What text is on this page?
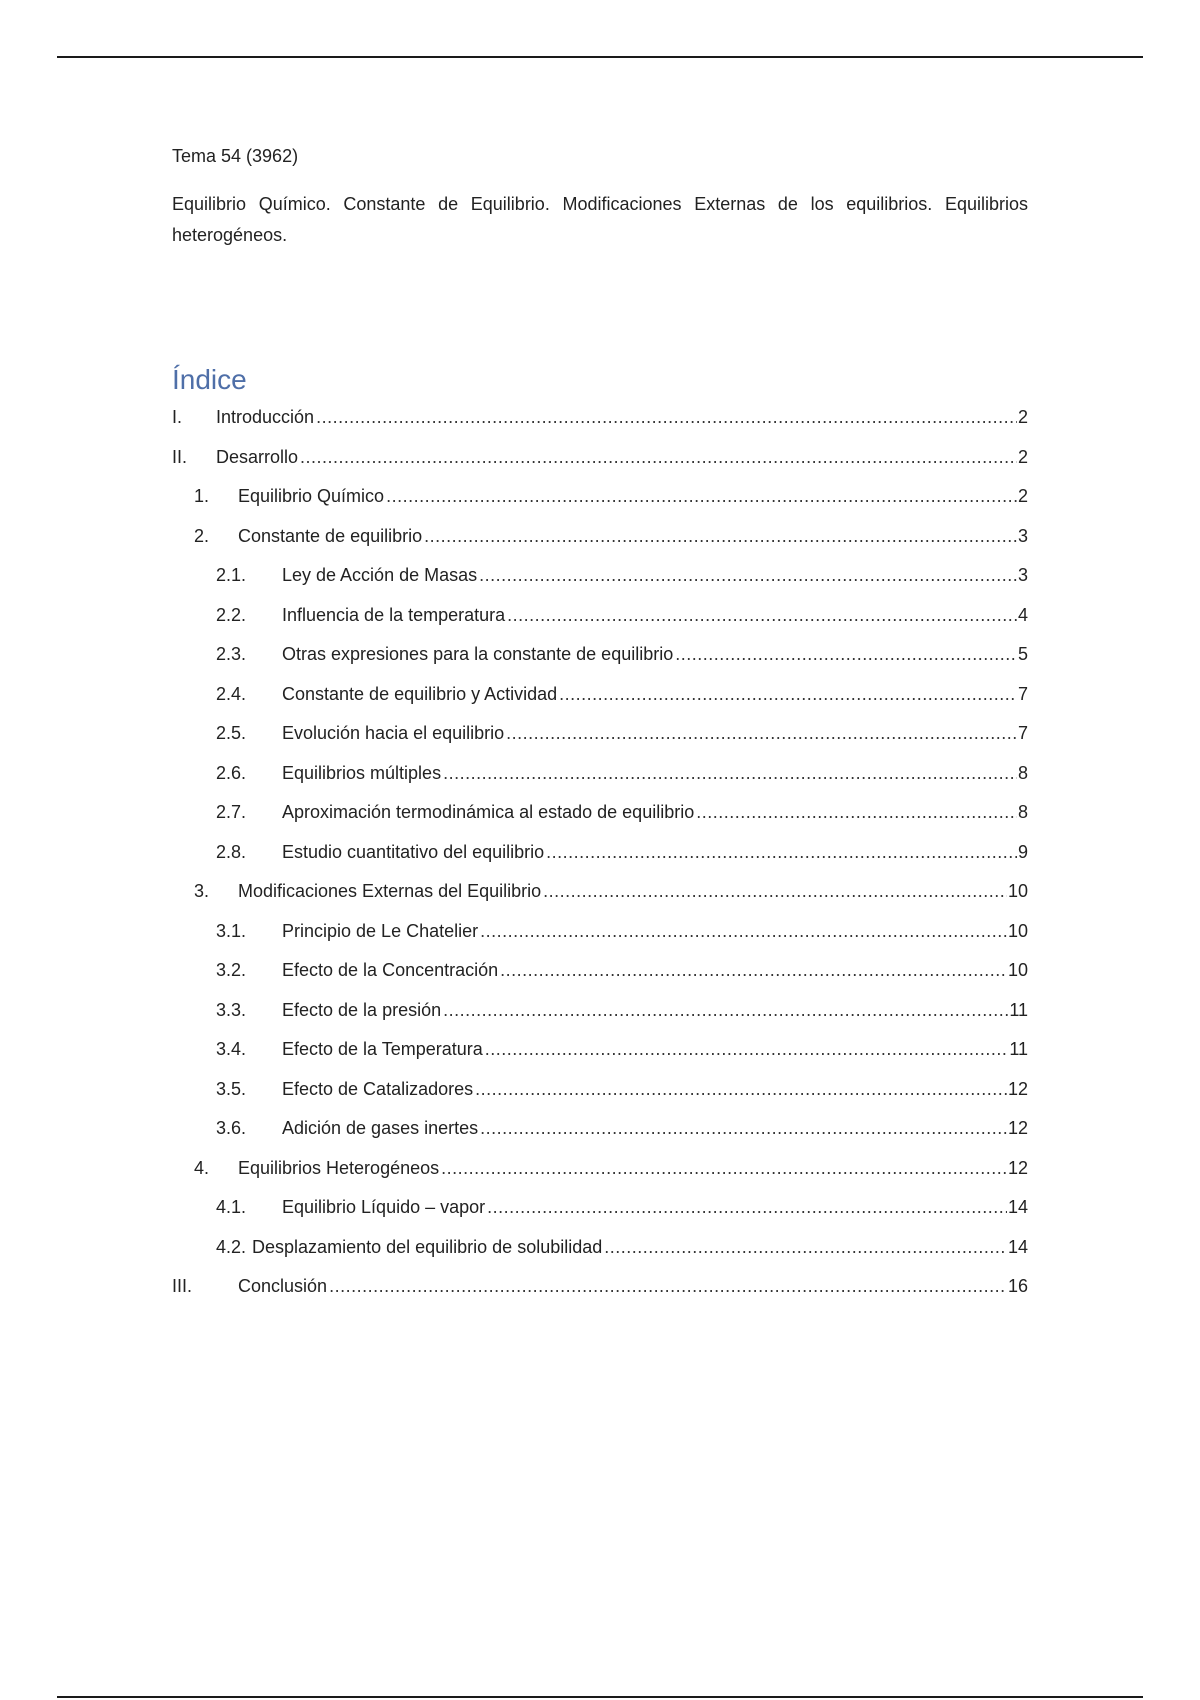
Tema 54 (3962)
Equilibrio Químico. Constante de Equilibrio. Modificaciones Externas de los equilibrios. Equilibrios heterogéneos.
Índice
I.	Introducción .....	2
II.	Desarrollo .....	2
1.	Equilibrio Químico .....	2
2.	Constante de equilibrio .....	3
2.1.	Ley de Acción de Masas .....	3
2.2.	Influencia de la temperatura .....	4
2.3.	Otras expresiones para la constante de equilibrio .....	5
2.4.	Constante de equilibrio y Actividad .....	7
2.5.	Evolución hacia el equilibrio .....	7
2.6.	Equilibrios múltiples .....	8
2.7.	Aproximación termodinámica al estado de equilibrio .....	8
2.8.	Estudio cuantitativo del equilibrio .....	9
3.	Modificaciones Externas del Equilibrio .....	10
3.1.	Principio de Le Chatelier .....	10
3.2.	Efecto de la Concentración .....	10
3.3.	Efecto de la presión .....	11
3.4.	Efecto de la Temperatura .....	11
3.5.	Efecto de Catalizadores .....	12
3.6.	Adición de gases inertes .....	12
4.	Equilibrios Heterogéneos .....	12
4.1.	Equilibrio Líquido – vapor .....	14
4.2. Desplazamiento del equilibrio de solubilidad .....	14
III.	Conclusión .....	16
